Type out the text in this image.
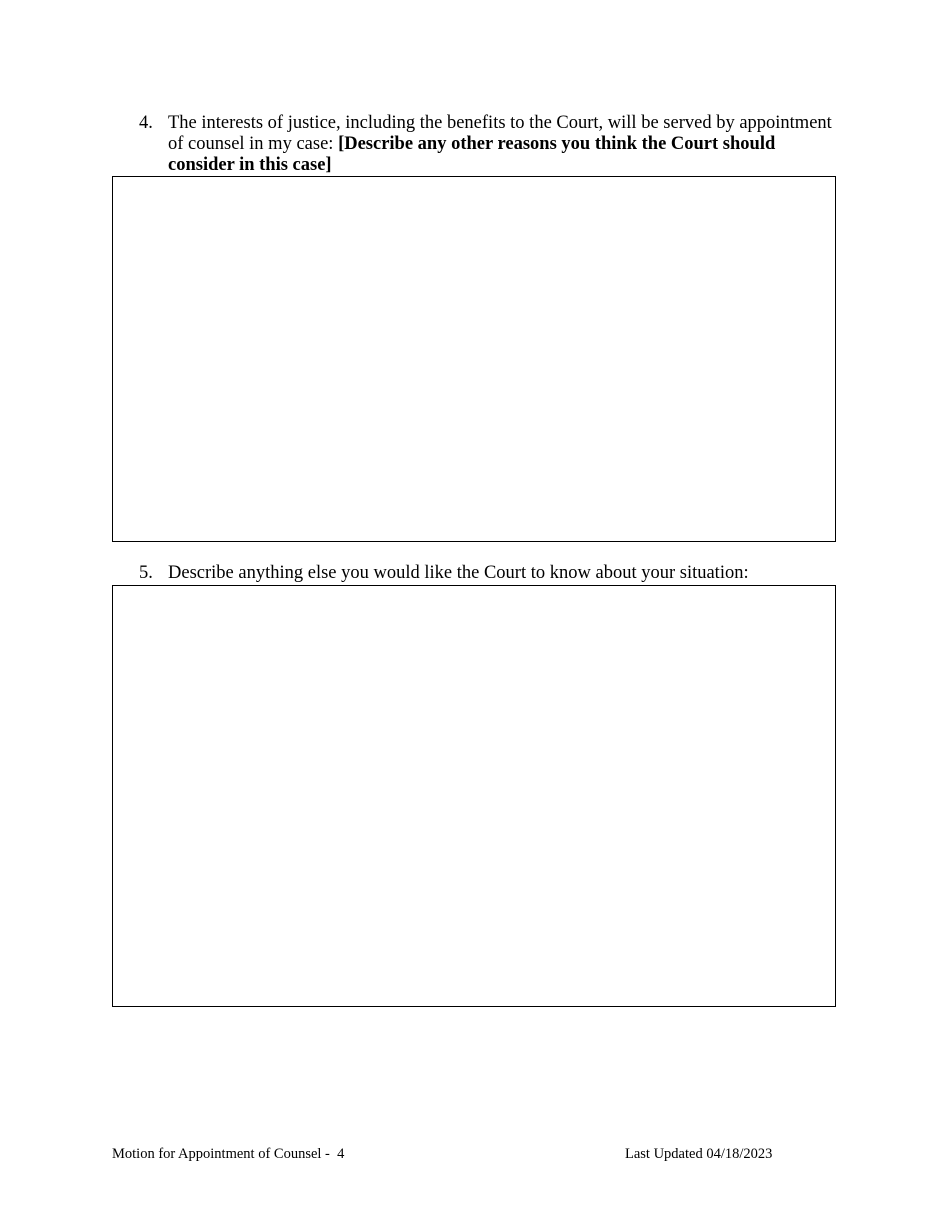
4. The interests of justice, including the benefits to the Court, will be served by appointment of counsel in my case: [Describe any other reasons you think the Court should consider in this case]
5. Describe anything else you would like the Court to know about your situation:
Motion for Appointment of Counsel -  4	Last Updated 04/18/2023
